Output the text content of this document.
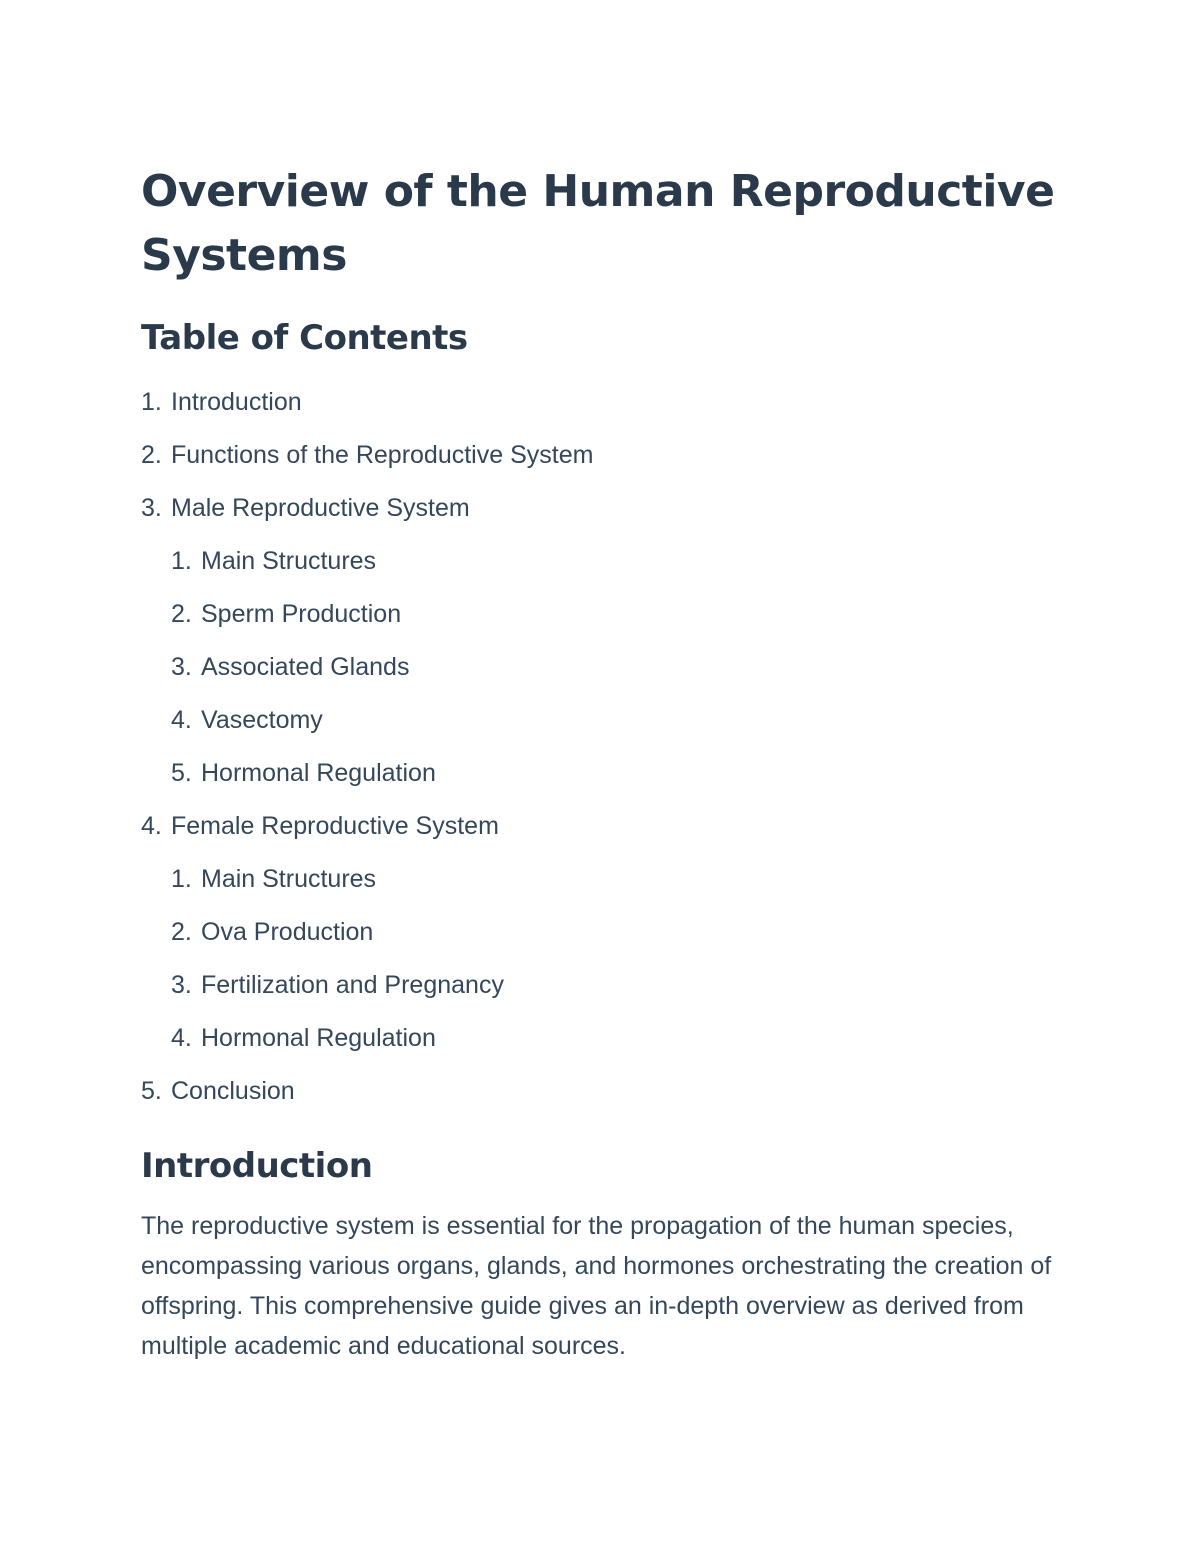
Overview of the Human Reproductive Systems
Table of Contents
1. Introduction
2. Functions of the Reproductive System
3. Male Reproductive System
1. Main Structures
2. Sperm Production
3. Associated Glands
4. Vasectomy
5. Hormonal Regulation
4. Female Reproductive System
1. Main Structures
2. Ova Production
3. Fertilization and Pregnancy
4. Hormonal Regulation
5. Conclusion
Introduction

The reproductive system is essential for the propagation of the human species, encompassing various organs, glands, and hormones orchestrating the creation of offspring. This comprehensive guide gives an in-depth overview as derived from multiple academic and educational sources.
